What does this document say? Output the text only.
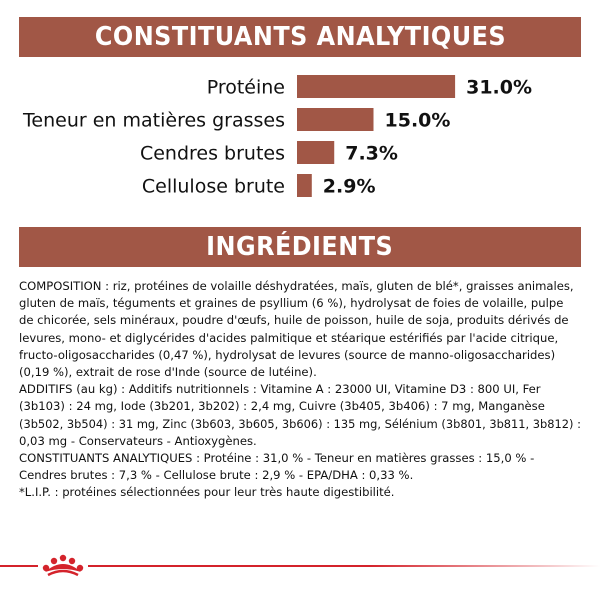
CONSTITUANTS ANALYTIQUES
Protéine	31.0%
Teneur en matières grasses	15.0%
Cendres brutes	7.3%
Cellulose brute 2.9%
INGRÉDIENTS

COMPOSITION : riz, protéines de volaille déshydratées, maïs, gluten de blé*, graisses animales,

gluten de maïs, téguments et graines de psyllium (6 %), hydrolysat de foies de volaille, pulpe

de chicorée, sels minéraux, poudre d'œufs, huile de poisson, huile de soja, produits dérivés de

levures, mono- et diglycérides d'acides palmitique et stéarique estérifiés par l'acide citrique,

fructo-oligosaccharides (0,47 %), hydrolysat de levures (source de manno-oligosaccharides)

(0,19 %), extrait de rose d'Inde (source de lutéine).

ADDITIFS (au kg) : Additifs nutritionnels : Vitamine A : 23000 UI, Vitamine D3 : 800 UI, Fer

(3b103) : 24 mg, Iode (3b201, 3b202) : 2,4 mg, Cuivre (3b405, 3b406) : 7 mg, Manganèse

(3b502, 3b504) : 31 mg, Zinc (3b603, 3b605, 3b606) : 135 mg, Sélénium (3b801, 3b811, 3b812) :

0,03 mg - Conservateurs - Antioxygènes.

CONSTITUANTS ANALYTIQUES : Protéine : 31,0 % - Teneur en matières grasses : 15,0 % -

Cendres brutes : 7,3 % - Cellulose brute : 2,9 % - EPA/DHA : 0,33 %.

*L.I.P. : protéines sélectionnées pour leur très haute digestibilité.
